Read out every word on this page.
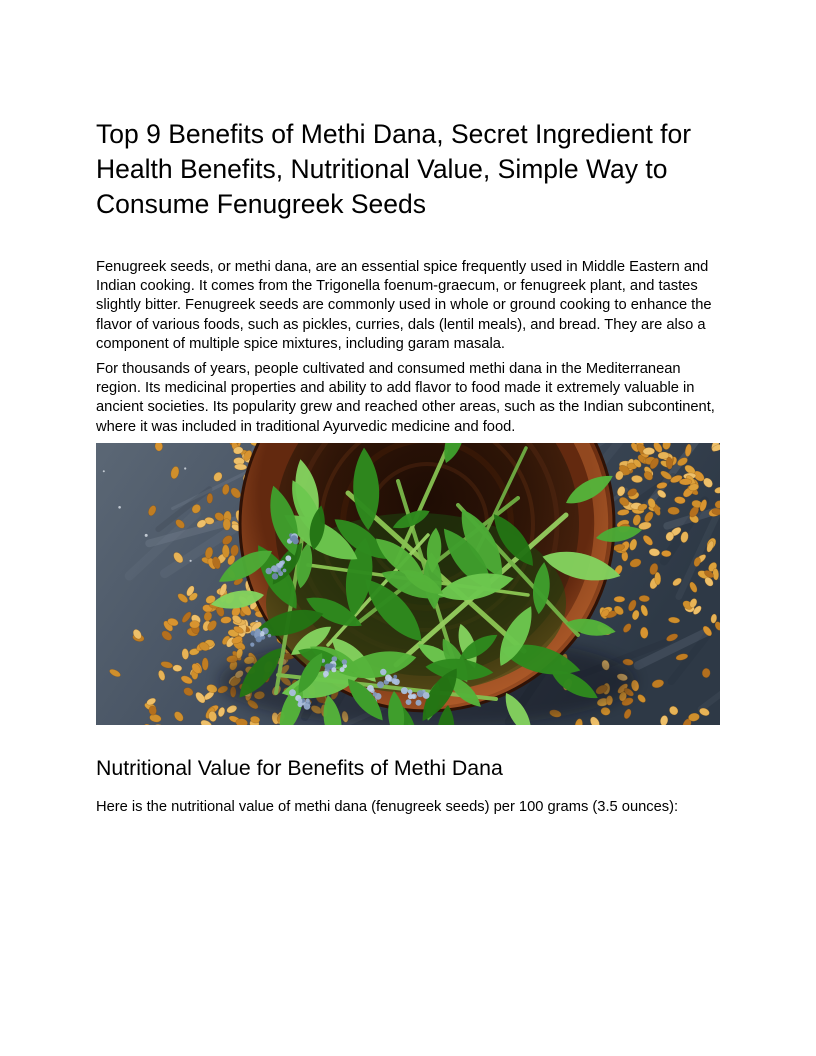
Top 9 Benefits of Methi Dana, Secret Ingredient for Health Benefits, Nutritional Value, Simple Way to Consume Fenugreek Seeds

Fenugreek seeds, or methi dana, are an essential spice frequently used in Middle Eastern and Indian cooking. It comes from the Trigonella foenum-graecum, or fenugreek plant, and tastes slightly bitter. Fenugreek seeds are commonly used in whole or ground cooking to enhance the flavor of various foods, such as pickles, curries, dals (lentil meals), and bread. They are also a component of multiple spice mixtures, including garam masala.

For thousands of years, people cultivated and consumed methi dana in the Mediterranean region. Its medicinal properties and ability to add flavor to food made it extremely valuable in ancient societies. Its popularity grew and reached other areas, such as the Indian subcontinent, where it was included in traditional Ayurvedic medicine and food.

Nutritional Value for Benefits of Methi Dana

Here is the nutritional value of methi dana (fenugreek seeds) per 100 grams (3.5 ounces):
